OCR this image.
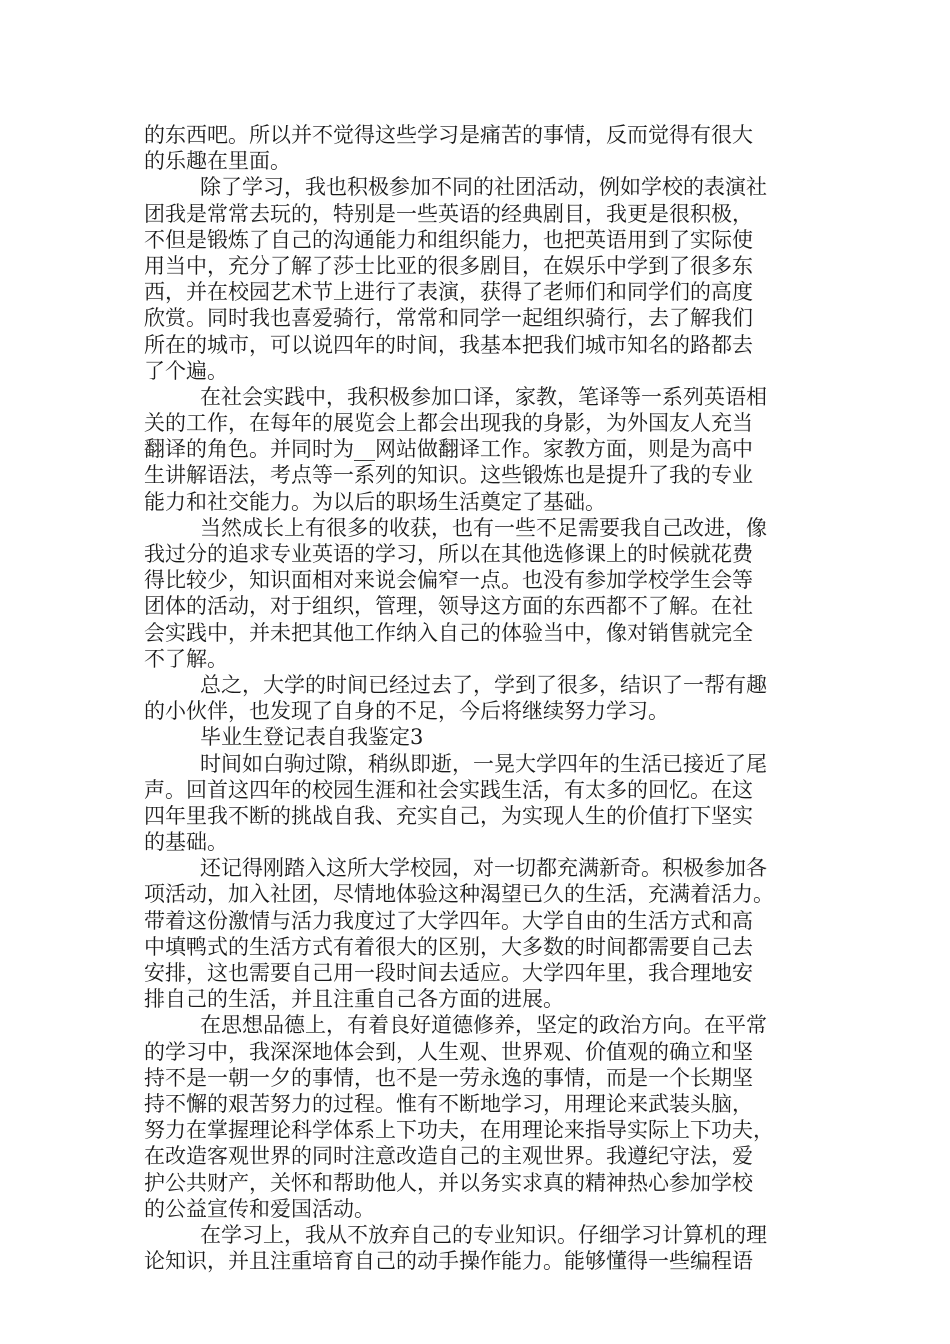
的东西吧。所以并不觉得这些学习是痛苦的事情，反而觉得有很大
的乐趣在里面。
除了学习，我也积极参加不同的社团活动，例如学校的表演社
团我是常常去玩的，特别是一些英语的经典剧目，我更是很积极，
不但是锻炼了自己的沟通能力和组织能力，也把英语用到了实际使
用当中，充分了解了莎士比亚的很多剧目，在娱乐中学到了很多东
西，并在校园艺术节上进行了表演，获得了老师们和同学们的高度
欣赏。同时我也喜爱骑行，常常和同学一起组织骑行，去了解我们
所在的城市，可以说四年的时间，我基本把我们城市知名的路都去
了个遍。
在社会实践中，我积极参加口译，家教，笔译等一系列英语相
关的工作，在每年的展览会上都会出现我的身影，为外国友人充当
翻译的角色。并同时为__网站做翻译工作。家教方面，则是为高中
生讲解语法，考点等一系列的知识。这些锻炼也是提升了我的专业
能力和社交能力。为以后的职场生活奠定了基础。
当然成长上有很多的收获，也有一些不足需要我自己改进，像
我过分的追求专业英语的学习，所以在其他选修课上的时候就花费
得比较少，知识面相对来说会偏窄一点。也没有参加学校学生会等
团体的活动，对于组织，管理，领导这方面的东西都不了解。在社
会实践中，并未把其他工作纳入自己的体验当中，像对销售就完全
不了解。
总之，大学的时间已经过去了，学到了很多，结识了一帮有趣
的小伙伴，也发现了自身的不足，今后将继续努力学习。
毕业生登记表自我鉴定3
时间如白驹过隙，稍纵即逝，一晃大学四年的生活已接近了尾
声。回首这四年的校园生涯和社会实践生活，有太多的回忆。在这
四年里我不断的挑战自我、充实自己，为实现人生的价值打下坚实
的基础。
还记得刚踏入这所大学校园，对一切都充满新奇。积极参加各
项活动，加入社团，尽情地体验这种渴望已久的生活，充满着活力。
带着这份激情与活力我度过了大学四年。大学自由的生活方式和高
中填鸭式的生活方式有着很大的区别，大多数的时间都需要自己去
安排，这也需要自己用一段时间去适应。大学四年里，我合理地安
排自己的生活，并且注重自己各方面的进展。
在思想品德上，有着良好道德修养，坚定的政治方向。在平常
的学习中，我深深地体会到，人生观、世界观、价值观的确立和坚
持不是一朝一夕的事情，也不是一劳永逸的事情，而是一个长期坚
持不懈的艰苦努力的过程。惟有不断地学习，用理论来武装头脑，
努力在掌握理论科学体系上下功夫，在用理论来指导实际上下功夫，
在改造客观世界的同时注意改造自己的主观世界。我遵纪守法，爱
护公共财产，关怀和帮助他人，并以务实求真的精神热心参加学校
的公益宣传和爱国活动。
在学习上，我从不放弃自己的专业知识。仔细学习计算机的理
论知识，并且注重培育自己的动手操作能力。能够懂得一些编程语
